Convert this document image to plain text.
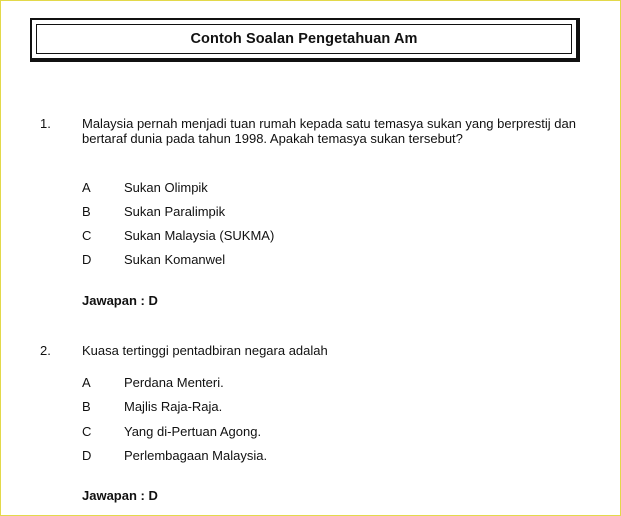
Contoh Soalan Pengetahuan Am
1. Malaysia pernah menjadi tuan rumah kepada satu temasya sukan yang berprestij dan bertaraf dunia pada tahun 1998. Apakah temasya sukan tersebut?
A	Sukan Olimpik
B	Sukan Paralimpik
C	Sukan Malaysia (SUKMA)
D	Sukan Komanwel
Jawapan : D
2. Kuasa tertinggi pentadbiran negara adalah
A	Perdana Menteri.
B	Majlis Raja-Raja.
C	Yang di-Pertuan Agong.
D	Perlembagaan Malaysia.
Jawapan : D
